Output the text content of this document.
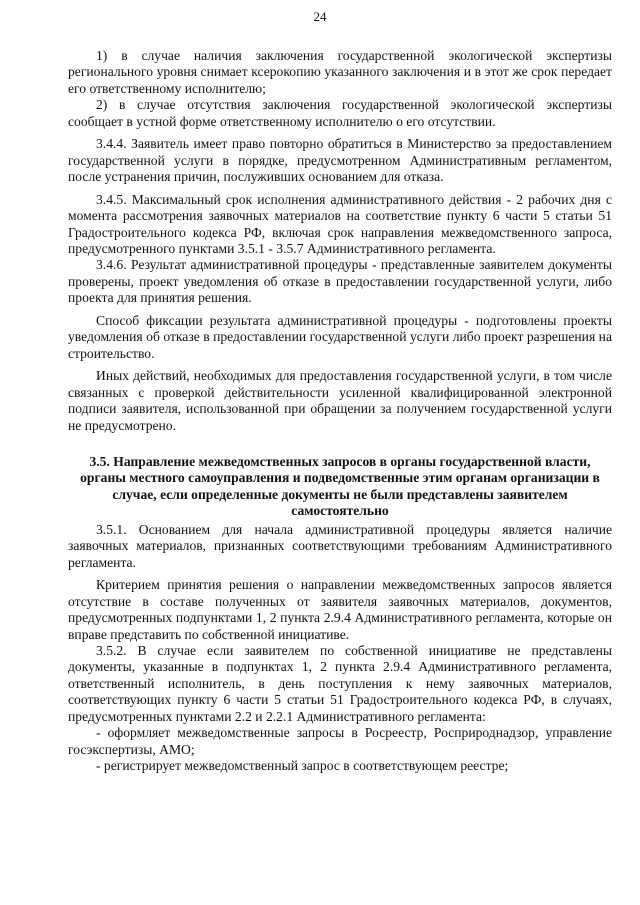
24

1) в случае наличия заключения государственной экологической экспертизы регионального уровня снимает ксерокопию указанного заключения и в этот же срок передает его ответственному исполнителю;

2) в случае отсутствия заключения государственной экологической экспертизы сообщает в устной форме ответственному исполнителю о его отсутствии.

3.4.4. Заявитель имеет право повторно обратиться в Министерство за предоставлением государственной услуги в порядке, предусмотренном Административным регламентом, после устранения причин, послуживших основанием для отказа.

3.4.5. Максимальный срок исполнения административного действия - 2 рабочих дня с момента рассмотрения заявочных материалов на соответствие пункту 6 части 5 статьи 51 Градостроительного кодекса РФ, включая срок направления межведомственного запроса, предусмотренного пунктами 3.5.1 - 3.5.7 Административного регламента.

3.4.6. Результат административной процедуры - представленные заявителем документы проверены, проект уведомления об отказе в предоставлении государственной услуги, либо проекта для принятия решения.

Способ фиксации результата административной процедуры - подготовлены проекты уведомления об отказе в предоставлении государственной услуги либо проект разрешения на строительство.

Иных действий, необходимых для предоставления государственной услуги, в том числе связанных с проверкой действительности усиленной квалифицированной электронной подписи заявителя, использованной при обращении за получением государственной услуги не предусмотрено.

3.5. Направление межведомственных запросов в органы государственной власти, органы местного самоуправления и подведомственные этим органам организации в случае, если определенные документы не были представлены заявителем самостоятельно

3.5.1. Основанием для начала административной процедуры является наличие заявочных материалов, признанных соответствующими требованиям Административного регламента.

Критерием принятия решения о направлении межведомственных запросов является отсутствие в составе полученных от заявителя заявочных материалов, документов, предусмотренных подпунктами 1, 2 пункта 2.9.4 Административного регламента, которые он вправе представить по собственной инициативе.

3.5.2. В случае если заявителем по собственной инициативе не представлены документы, указанные в подпунктах 1, 2 пункта 2.9.4 Административного регламента, ответственный исполнитель, в день поступления к нему заявочных материалов, соответствующих пункту 6 части 5 статьи 51 Градостроительного кодекса РФ, в случаях, предусмотренных пунктами 2.2 и 2.2.1 Административного регламента:

- оформляет межведомственные запросы в Росреестр, Росприроднадзор, управление госэкспертизы, АМО;

- регистрирует межведомственный запрос в соответствующем реестре;
